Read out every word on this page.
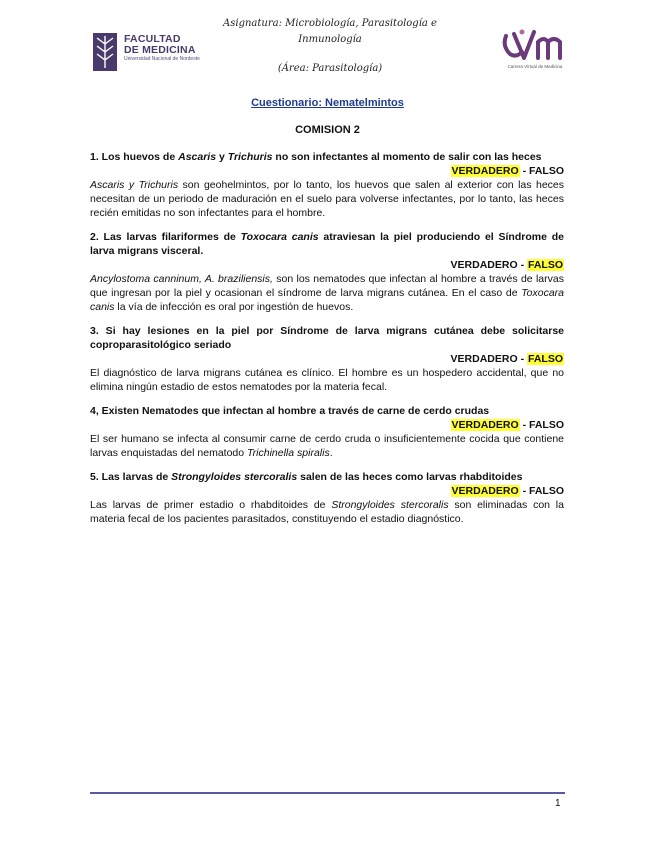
FACULTAD
DE MEDICINA
Universidad Nacional de Nordeste
Asignatura: Microbiología, Parasitología e
Inmunología
(Área: Parasitología)	Carrera Virtual de Medicina
Cuestionario: Nematelmintos
COMISION 2
1. Los huevos de Ascaris y Trichuris no son infectantes al momento de salir con las heces
VERDADERO - FALSO
Ascaris y Trichuris son geohelmintos, por lo tanto, los huevos que salen al exterior con las heces necesitan de un periodo de maduración en el suelo para volverse infectantes, por lo tanto, las heces recién emitidas no son infectantes para el hombre.
2. Las larvas filariformes de Toxocara canis atraviesan la piel produciendo el Síndrome de larva migrans visceral.
VERDADERO - FALSO
Ancylostoma canninum, A. braziliensis, son los nematodes que infectan al hombre a través de larvas que ingresan por la piel y ocasionan el síndrome de larva migrans cutánea. En el caso de Toxocara canis la vía de infección es oral por ingestión de huevos.
3. Si hay lesiones en la piel por Síndrome de larva migrans cutánea debe solicitarse coproparasitológico seriado
VERDADERO - FALSO
El diagnóstico de larva migrans cutánea es clínico. El hombre es un hospedero accidental, que no elimina ningún estadio de estos nematodes por la materia fecal.
4, Existen Nematodes que infectan al hombre a través de carne de cerdo crudas
VERDADERO - FALSO
El ser humano se infecta al consumir carne de cerdo cruda o insuficientemente cocida que contiene larvas enquistadas del nematodo Trichinella spiralis.
5. Las larvas de Strongyloides stercoralis salen de las heces como larvas rhabditoides
VERDADERO - FALSO
Las larvas de primer estadio o rhabditoides de Strongyloides stercoralis son eliminadas con la materia fecal de los pacientes parasitados, constituyendo el estadio diagnóstico.
1
